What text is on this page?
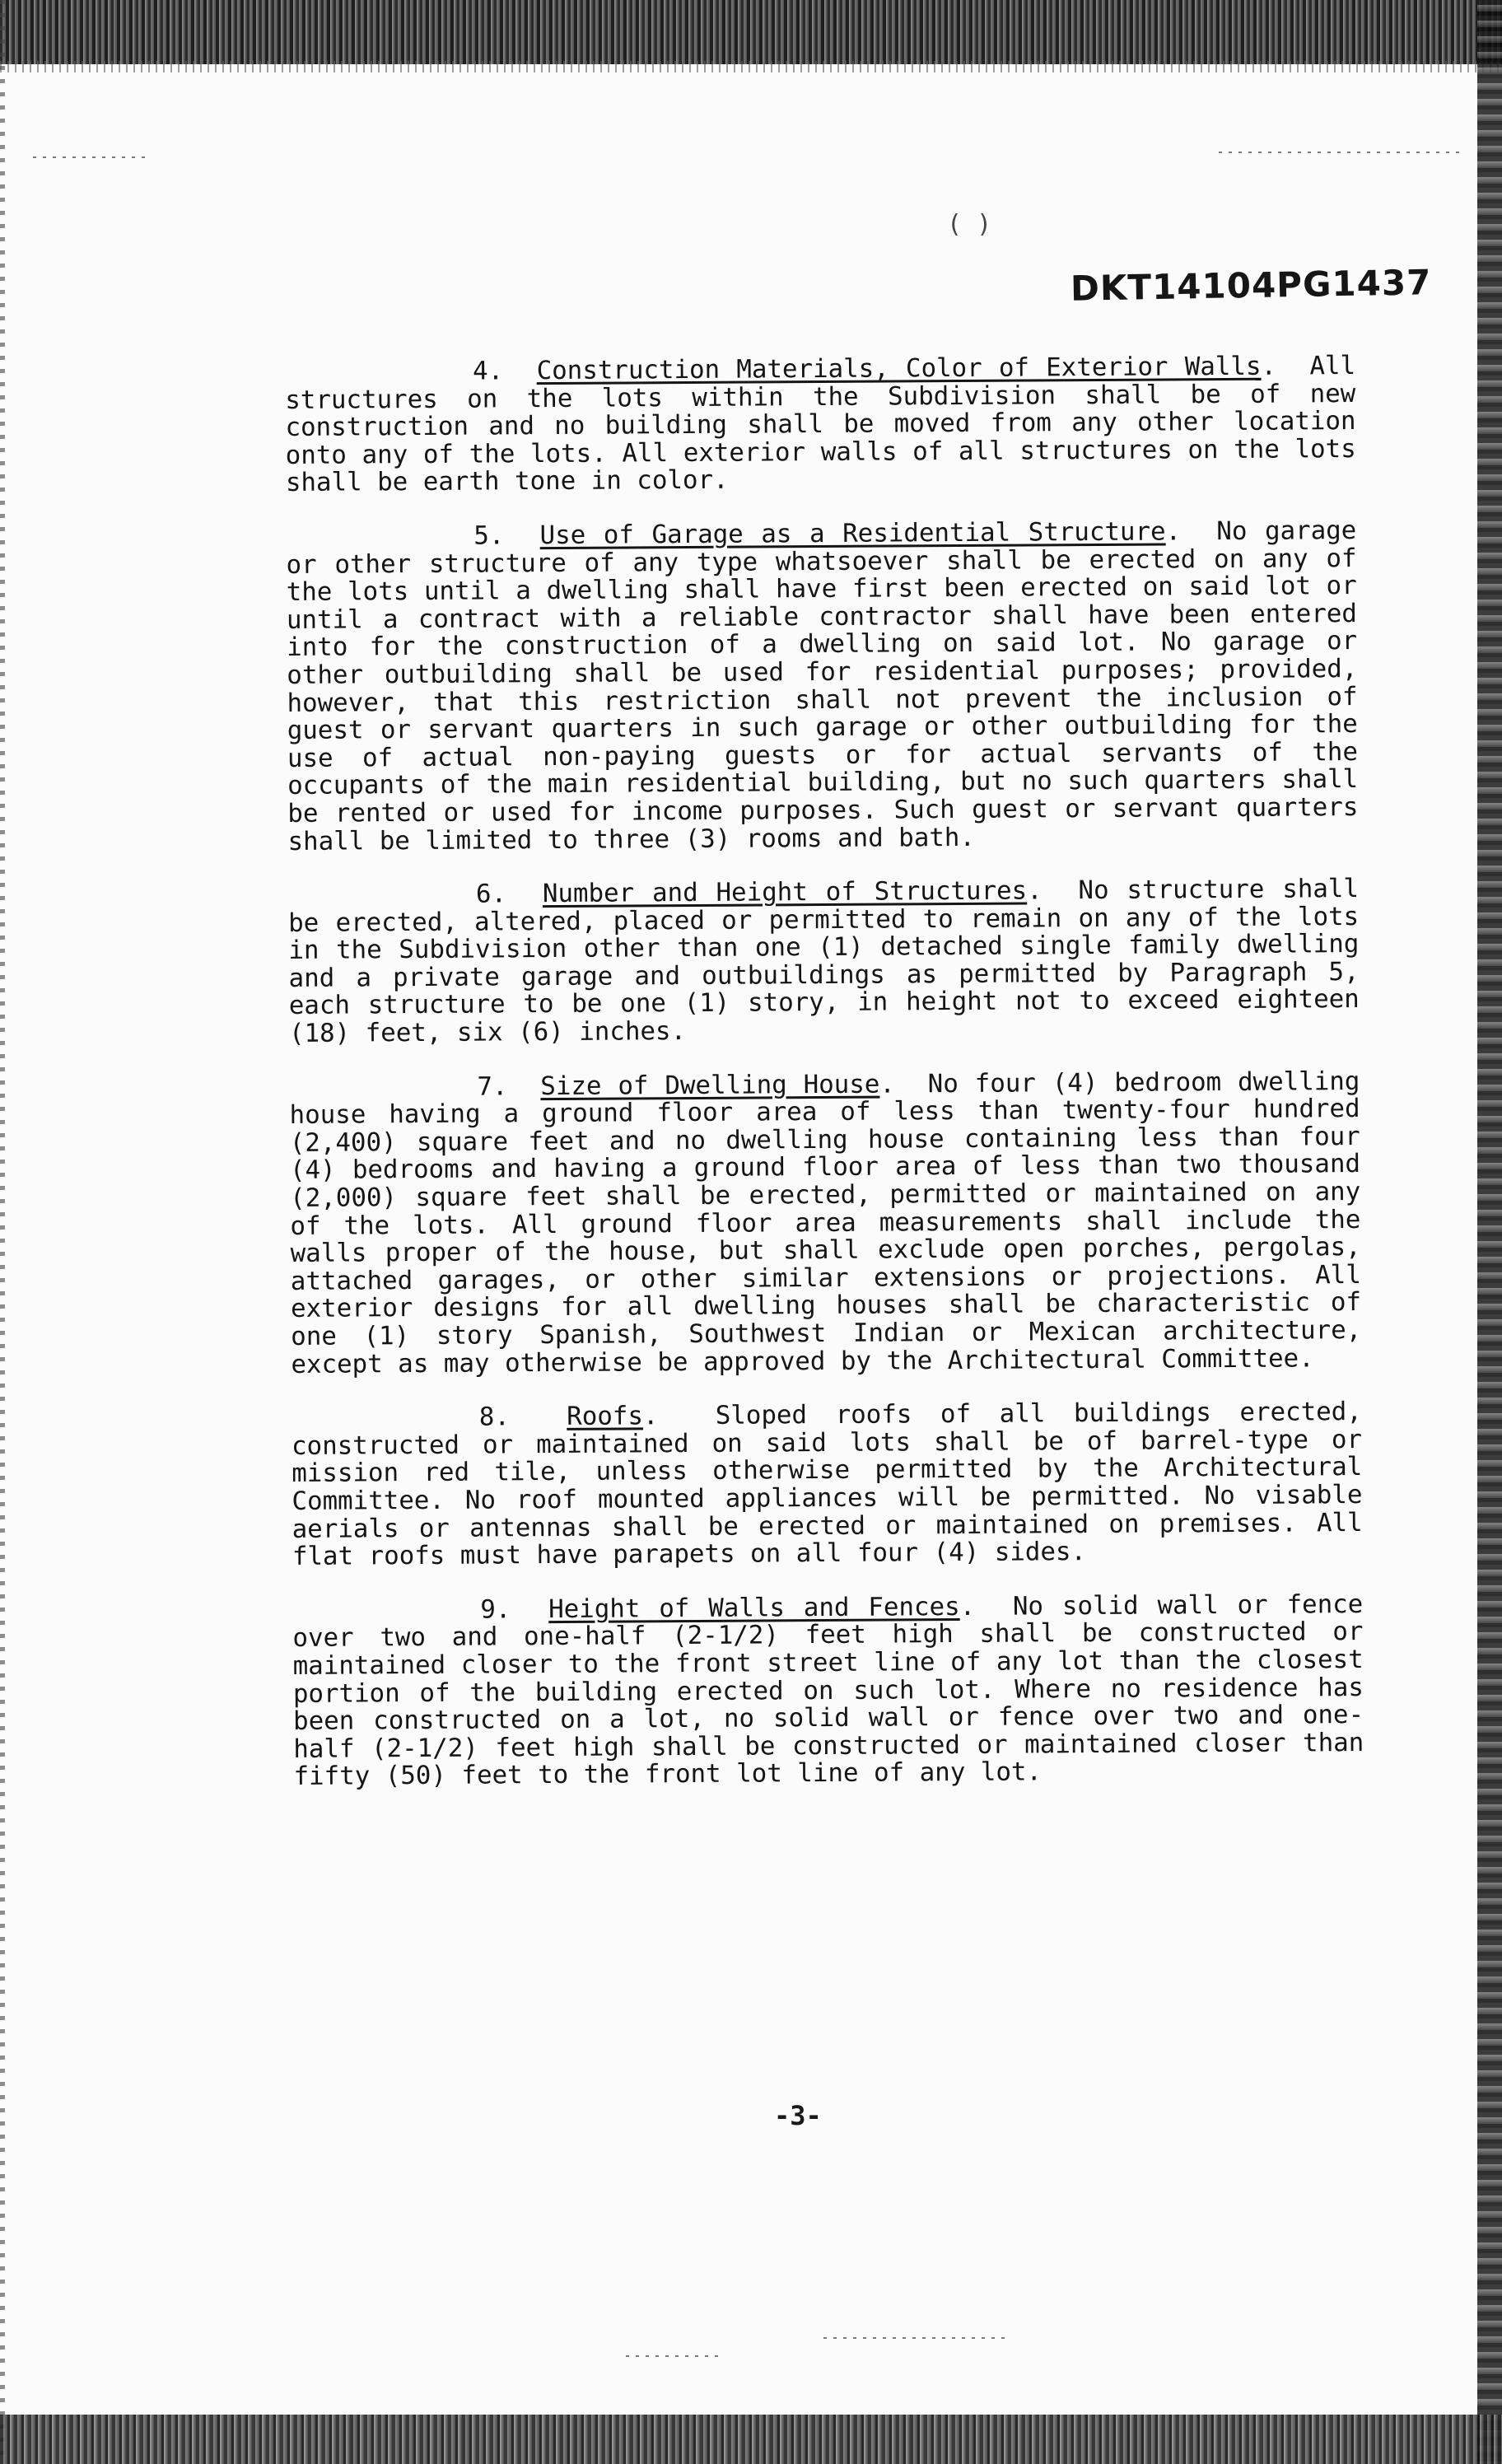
( )
DKT14104PG1437

4. Construction Materials, Color of Exterior Walls.  All structures on the lots within the Subdivision shall be of new construction and no building shall be moved from any other location onto any of the lots. All exterior walls of all structures on the lots shall be earth tone in color.

5. Use of Garage as a Residential Structure.  No garage or other structure of any type whatsoever shall be erected on any of the lots until a dwelling shall have first been erected on said lot or until a contract with a reliable contractor shall have been entered into for the construction of a dwelling on said lot. No garage or other outbuilding shall be used for residential purposes; provided, however, that this restriction shall not prevent the inclusion of guest or servant quarters in such garage or other outbuilding for the use of actual non-paying guests or for actual servants of the occupants of the main residential building, but no such quarters shall be rented or used for income purposes. Such guest or servant quarters shall be limited to three (3) rooms and bath.

6. Number and Height of Structures.  No structure shall be erected, altered, placed or permitted to remain on any of the lots in the Subdivision other than one (1) detached single family dwelling and a private garage and outbuildings as permitted by Paragraph 5, each structure to be one (1) story, in height not to exceed eighteen (18) feet, six (6) inches.

7. Size of Dwelling House.  No four (4) bedroom dwelling house having a ground floor area of less than twenty-four hundred (2,400) square feet and no dwelling house containing less than four (4) bedrooms and having a ground floor area of less than two thousand (2,000) square feet shall be erected, permitted or maintained on any of the lots. All ground floor area measurements shall include the walls proper of the house, but shall exclude open porches, pergolas, attached garages, or other similar extensions or projections. All exterior designs for all dwelling houses shall be characteristic of one (1) story Spanish, Southwest Indian or Mexican architecture, except as may otherwise be approved by the Architectural Committee.

8. Roofs.  Sloped roofs of all buildings erected, constructed or maintained on said lots shall be of barrel-type or mission red tile, unless otherwise permitted by the Architectural Committee. No roof mounted appliances will be permitted. No visable aerials or antennas shall be erected or maintained on premises. All flat roofs must have parapets on all four (4) sides.

9. Height of Walls and Fences.  No solid wall or fence over two and one-half (2-1/2) feet high shall be constructed or maintained closer to the front street line of any lot than the closest portion of the building erected on such lot. Where no residence has been constructed on a lot, no solid wall or fence over two and one-half (2-1/2) feet high shall be constructed or maintained closer than fifty (50) feet to the front lot line of any lot.

-3-
